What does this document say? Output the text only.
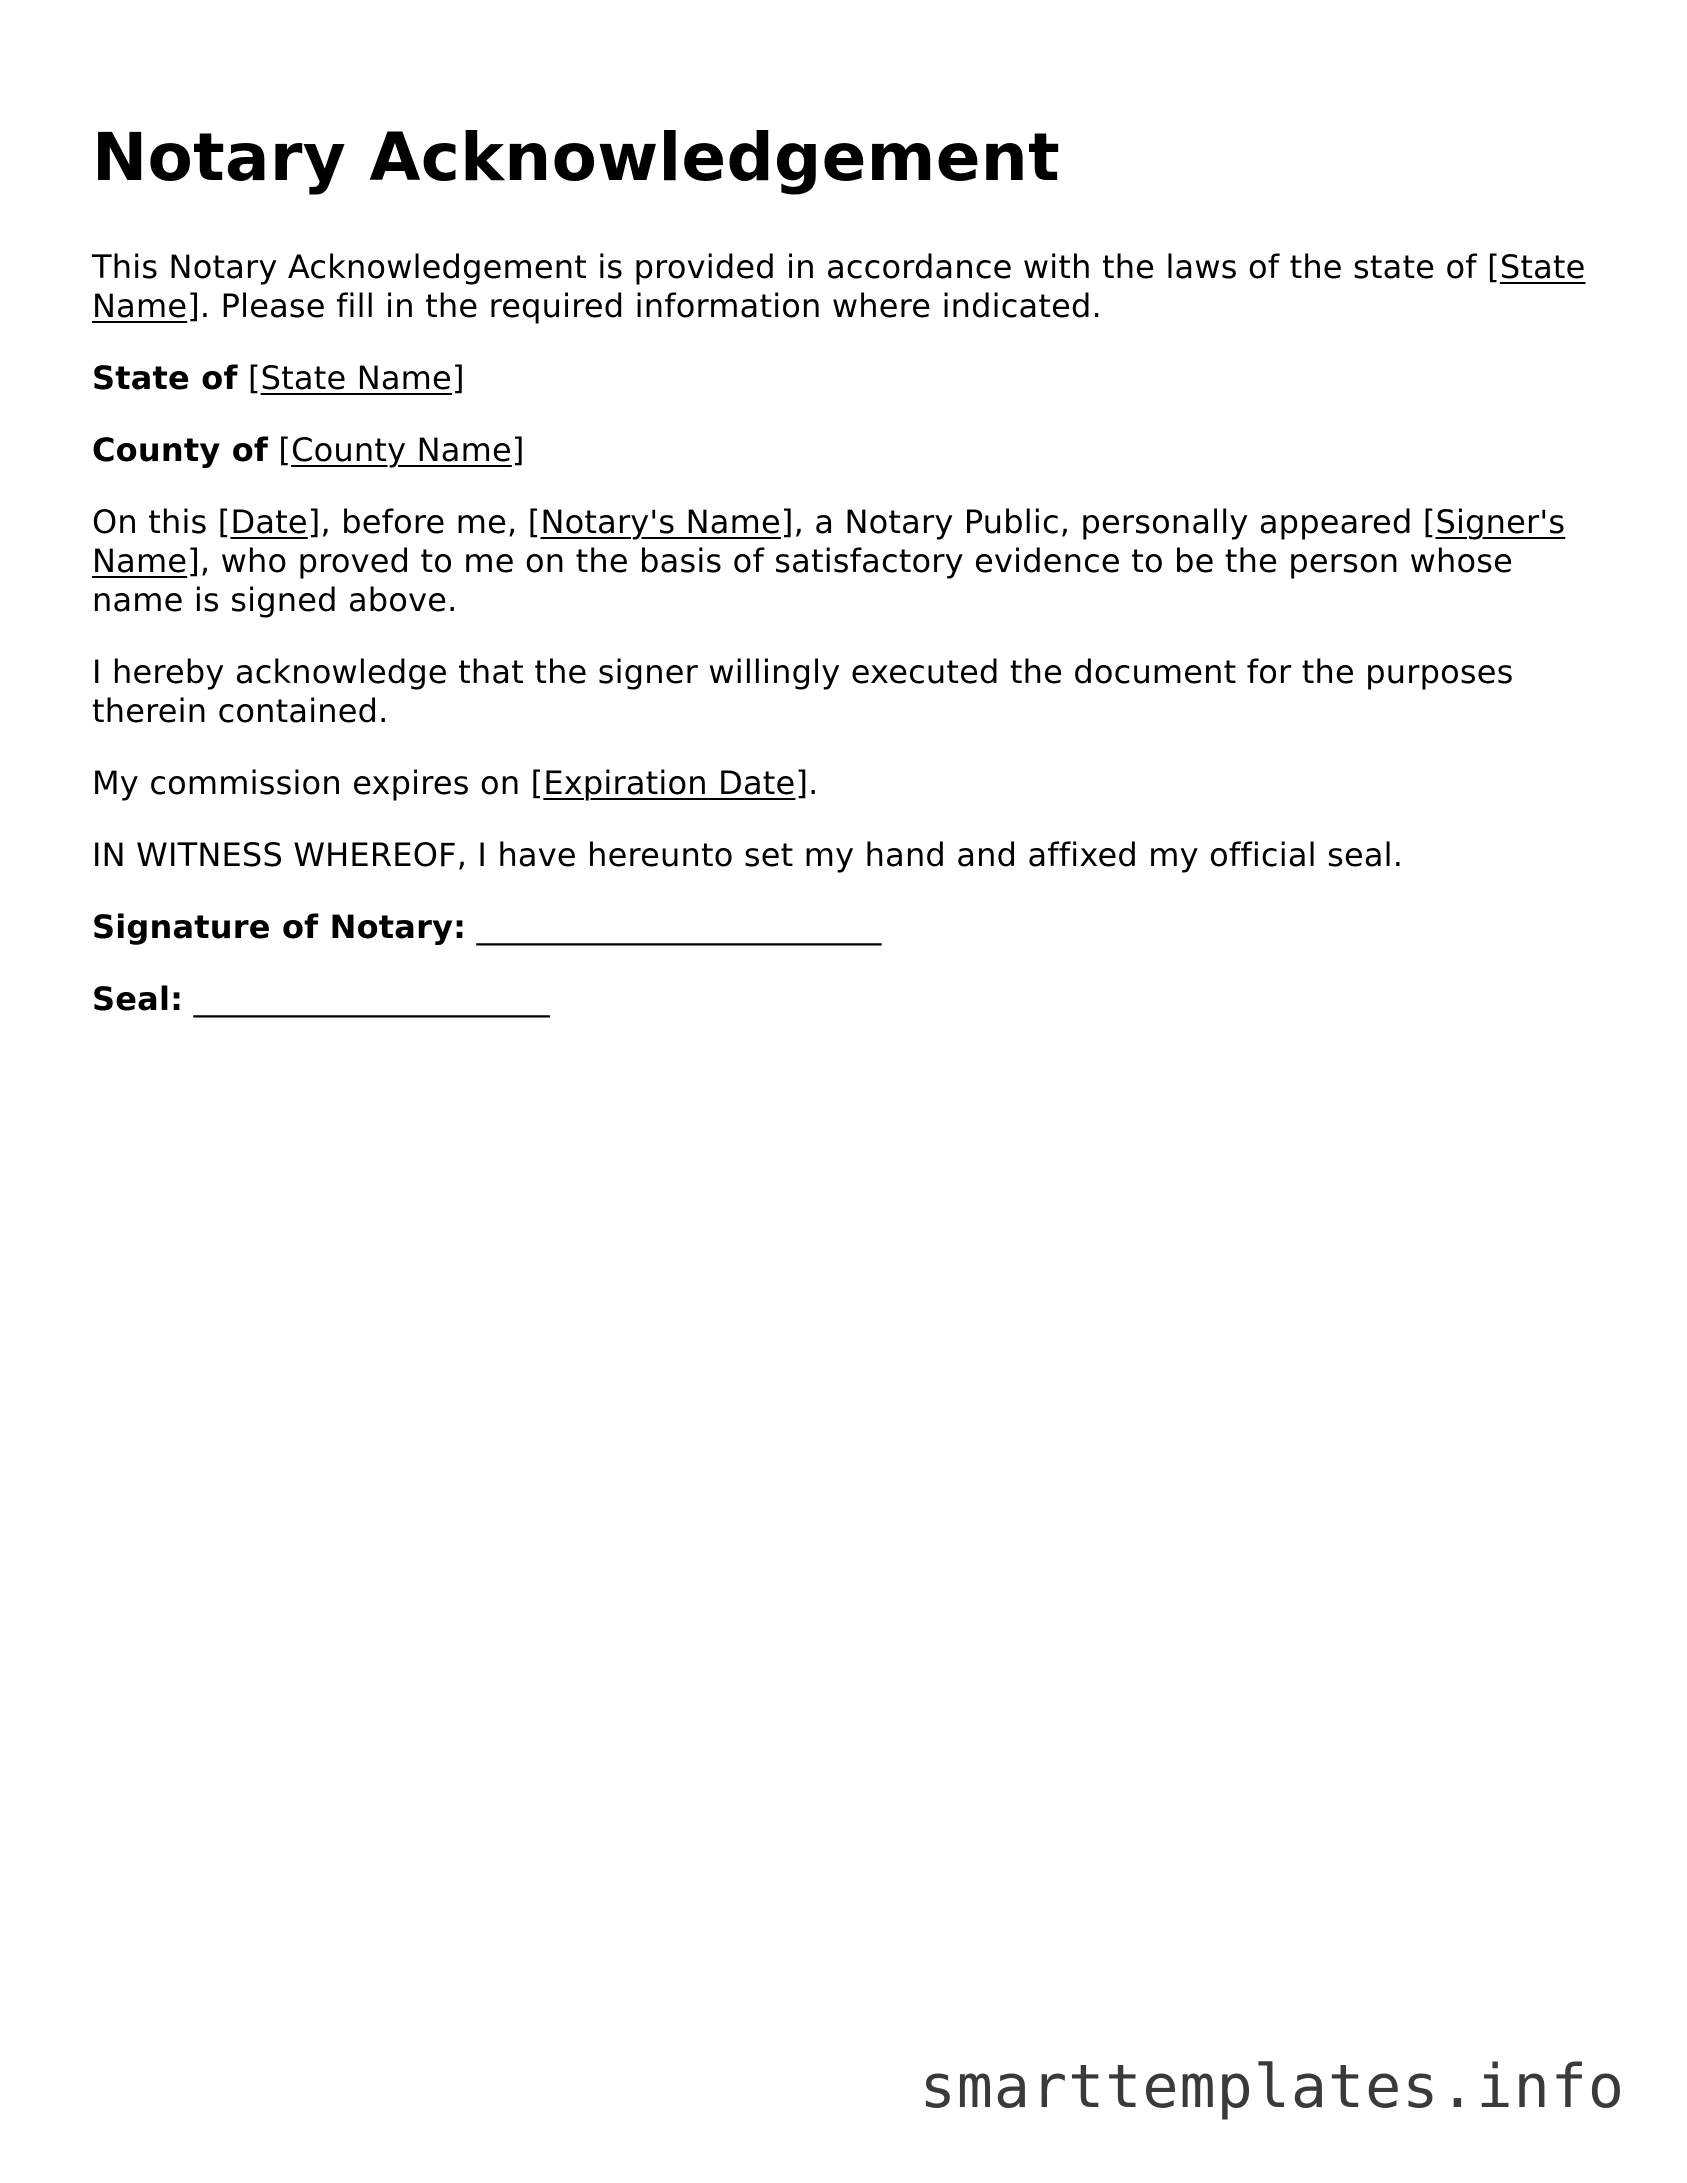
Notary Acknowledgement

This Notary Acknowledgement is provided in accordance with the laws of the state of [State Name]. Please fill in the required information where indicated.

State of [State Name]

County of [County Name]

On this [Date], before me, [Notary's Name], a Notary Public, personally appeared [Signer's Name], who proved to me on the basis of satisfactory evidence to be the person whose name is signed above.

I hereby acknowledge that the signer willingly executed the document for the purposes therein contained.

My commission expires on [Expiration Date].

IN WITNESS WHEREOF, I have hereunto set my hand and affixed my official seal.

Signature of Notary: _________________________

Seal: ______________________

smarttemplates.info
